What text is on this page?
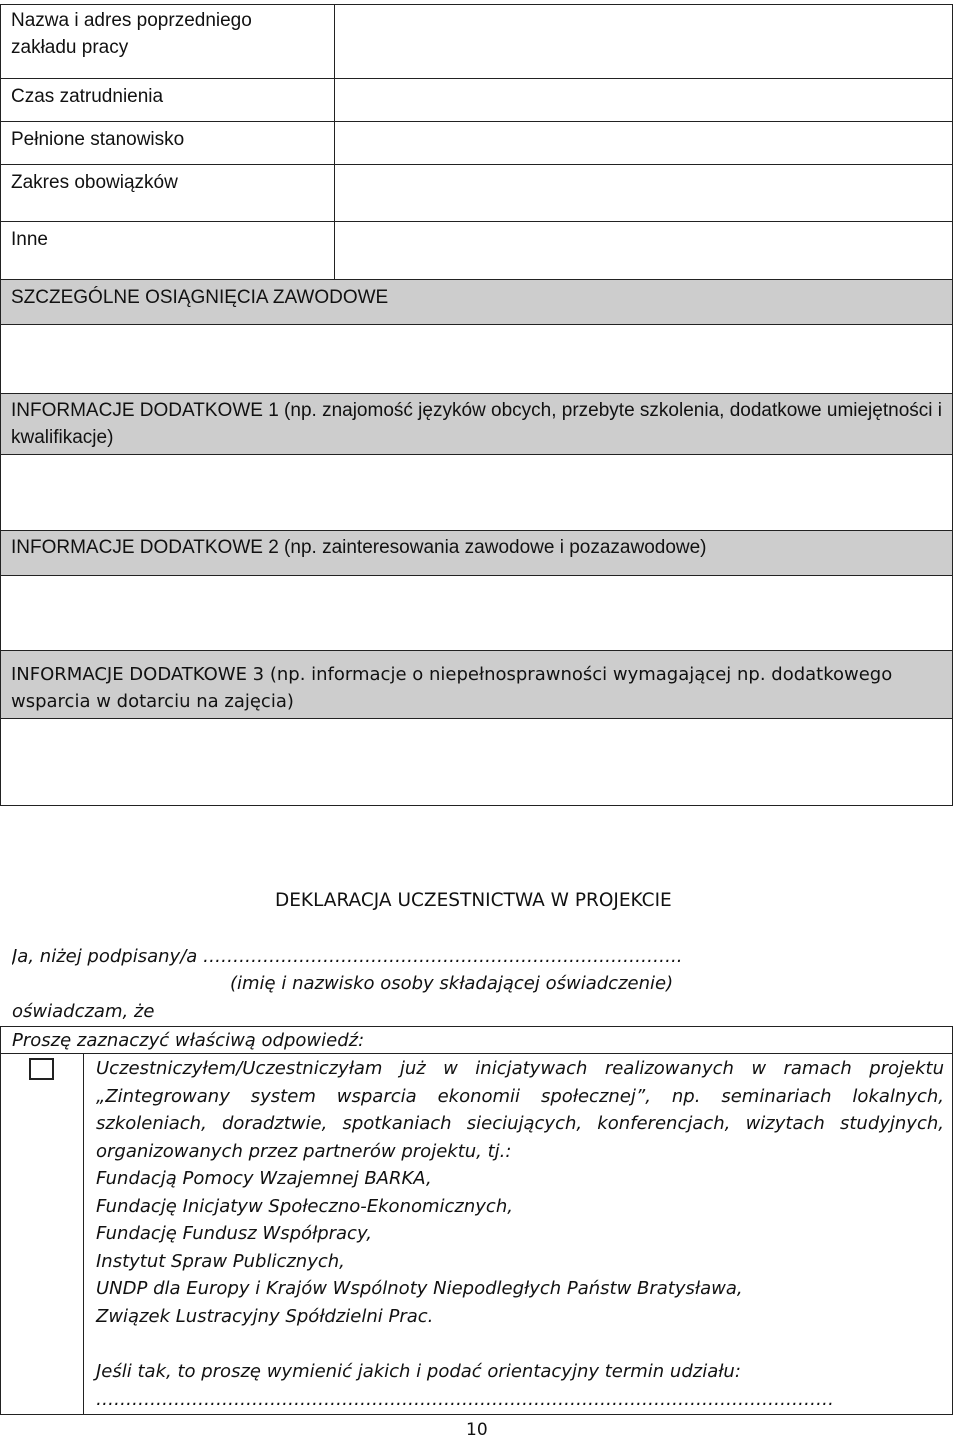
Nazwa i adres poprzedniego zakładu pracy
Czas zatrudnienia
Pełnione stanowisko
Zakres obowiązków
Inne
SZCZEGÓLNE OSIĄGNIĘCIA ZAWODOWE
INFORMACJE DODATKOWE 1 (np. znajomość języków obcych, przebyte szkolenia, dodatkowe umiejętności i kwalifikacje)
INFORMACJE DODATKOWE 2 (np. zainteresowania zawodowe i pozazawodowe)
INFORMACJE DODATKOWE 3 (np. informacje o niepełnosprawności wymagającej np. dodatkowego wsparcia w dotarciu na zajęcia)
DEKLARACJA UCZESTNICTWA W PROJEKCIE
Ja, niżej podpisany/a ……………………………………………………………………..
(imię i nazwisko osoby składającej oświadczenie)
oświadczam, że
Proszę zaznaczyć właściwą odpowiedź:
Uczestniczyłem/Uczestniczyłam już w inicjatywach realizowanych w ramach projektu „Zintegrowany system wsparcia ekonomii społecznej”, np. seminariach lokalnych, szkoleniach, doradztwie, spotkaniach sieciujących, konferencjach, wizytach studyjnych, organizowanych przez partnerów projektu, tj.:
Fundacją Pomocy Wzajemnej BARKA,
Fundację Inicjatyw Społeczno-Ekonomicznych,
Fundację Fundusz Współpracy,
Instytut Spraw Publicznych,
UNDP dla Europy i Krajów Wspólnoty Niepodległych Państw Bratysława,
Związek Lustracyjny Spółdzielni Prac.
Jeśli tak, to proszę wymienić jakich i podać orientacyjny termin udziału:
……………………………………………………………………………………………………………
10
